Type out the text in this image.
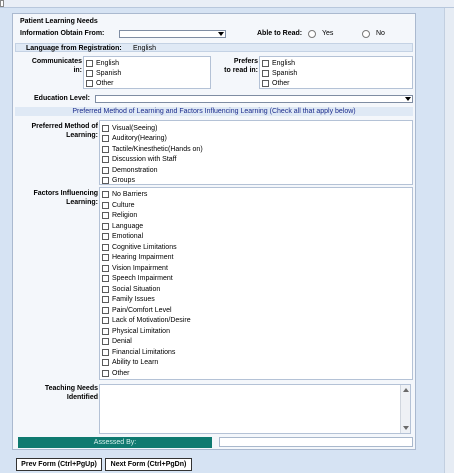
Patient Learning Needs
Information Obtain From:	Able to Read:	Yes	No
Language from Registration: English
Communicates
in:
English
Spanish
Other
Prefers
to read in:
English
Spanish
Other
Education Level:
Preferred Method of Learning and Factors Influencing Learning (Check all that apply below)
Preferred Method of
Learning:
Visual(Seeing)
Auditory(Hearing)
Tactile/Kinesthetic(Hands on)
Discussion with Staff
Demonstration
Groups
Factors Influencing
Learning:
No Barriers
Culture
Religion
Language
Emotional
Cognitive Limitations
Hearing Impairment
Vision Impairment
Speech Impairment
Social Situation
Family Issues
Pain/Comfort Level
Lack of Motivation/Desire
Physical Limitation
Denial
Financial Limitations
Ability to Learn
Other
Teaching Needs
Identified
Assessed By:
Prev Form (Ctrl+PgUp)	Next Form (Ctrl+PgDn)
